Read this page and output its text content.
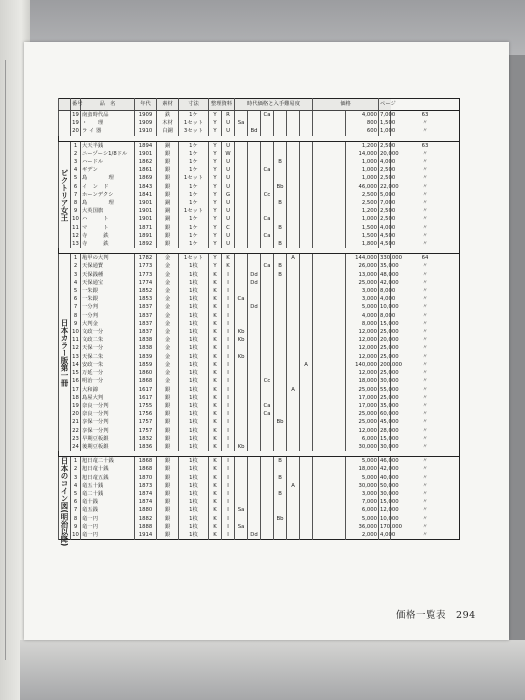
	番号	品　名	年代	素材	寸法	整理資料		時代価格と入手難易度						価格		ページ	
	19	南蛮時代品	1909	鉄	1ケ	Y	R			Ca					4,000	7,000	63
	19	・　　理	1909	木材	1セット	Y	U	Sa							800	1,500	〃
	20	ラ イ 器	1910	白銅	3セット	Y	U		Bd						600	1,000	〃

ピクトリア女王	1	大天半銭	1894	銅	1ケ	Y	U								1,200	2,500	63
	2	ニーヅーシ1/8ドル	1901	銀	1ケ	Y	W								14,000	20,000	〃
	3	ハードル	1862	銀	1ケ	Y	U				B				1,000	4,000	〃
	4	ギデン	1861	銀	1ケ	Y	U			Ca					1,000	2,500	〃
	5	島　　　　理	1869	銀	1セット	Y	U								1,000	2,500	〃
	6	イ　ン　ド	1843	銀	1ケ	Y	U				Bb				46,000	22,000	〃
	7	ホーンデクシ	1841	銀	1ケ	Y	G			Cc					2,500	5,000	〃
	8	島　　　　理	1901	銅	1ケ	Y	U				B				2,500	7,000	〃
	9	大英国旗	1901	銅	1セット	Y	U								1,200	2,500	〃
	10	ハ　　　ト	1901	銅	1ケ	Y	U			Ca					1,000	2,500	〃
	11	マ　　　ト	1871	銀	1ケ	Y	C				B				1,500	4,000	〃
	12	寺　　　鉄	1891	銀	1ケ	Y	U			Ca					1,500	4,500	〃
	13	寺　　　鉄	1892	銀	1ケ	Y	U				B				1,800	4,500	〃

日本カラー版第一冊	1	亀甲の大判	1782	金	1セット	Y	K					A			144,000	330,000	64
	2	天保通寳	1773	金	1枚	Y	K			Ca	B				26,000	35,000	〃
	3	天保銭種	1773	金	1枚	K	I		Dd		B				13,000	48,000	〃
	4	天保通宝	1774	金	1枚	K	I		Dd						25,000	42,000	〃
	5	一朱銀	1852	金	1枚	K	I								3,000	8,000	〃
	6	一朱銀	1853	金	1枚	K	I	Ca							3,000	4,000	〃
	7	一分判	1837	金	1枚	K	I		Dd						5,000	10,000	〃
	8	一分判	1837	金	1枚	K	I								4,000	8,000	〃
	9	大判金	1837	金	1枚	K	I								8,000	15,000	〃
	10	文政一分	1837	金	1枚	K	I	Kb							12,000	25,000	〃
	11	文政二朱	1838	金	1枚	K	I	Kb							12,000	20,000	〃
	12	天保一分	1838	金	1枚	K	I								12,000	25,000	〃
	13	天保二朱	1839	金	1枚	K	I	Kb							12,000	25,000	〃
	14	安政一朱	1859	金	1枚	K	I						A		140,000	200,000	〃
	15	万延一分	1860	金	1枚	K	I								12,000	25,000	〃
	16	明治一分	1868	金	1枚	K	I			Cc					18,000	30,000	〃
	17	大和錦	1617	銀	1枚	K	I					A			25,000	55,000	〃
	18	島屋大判	1617	銀	1枚	K	I								17,000	25,000	〃
	19	奈良一分判	1755	銀	1枚	K	I			Ca					17,000	35,000	〃
	20	奈良一分判	1756	銀	1枚	K	I			Ca					25,000	60,000	〃
	21	享保一分判	1757	銀	1枚	K	I				Bb				25,000	45,000	〃
	22	享保一分判	1757	銀	1枚	K	I								12,000	28,000	〃
	23	早期豆板銀	1832	銀	1枚	K	I								6,000	15,000	〃
	24	後期豆板銀	1836	銀	1枚	K	I	Kb							30,000	30,000	〃

日本のコイン図(明治以降)	1	旭日竜二十銭	1868	銀	1枚	K	I				B				5,000	46,000	〃
	2	旭日竜十銭	1868	銀	1枚	K	I								18,000	42,000	〃
	3	旭日竜五銭	1870	銀	1枚	K	I				B				5,000	40,000	〃
	4	竜五十銭	1873	銀	1枚	K	I					A			30,000	50,000	〃
	5	竜二十銭	1874	銀	1枚	K	I				B				3,000	30,000	〃
	6	竜十銭	1874	銀	1枚	K	I								7,000	15,000	〃
	7	竜五銭	1880	銀	1枚	K	I	Sa							6,000	12,000	〃
	8	竜一円	1882	銀	1枚	K	I				Bb				5,000	10,000	〃
	9	竜一円	1888	銀	1枚	K	I	Sa							36,000	170,000	〃
	10	竜一円	1914	銀	1枚	K	I		Dd						2,000	4,000	〃
価格一覧表　 294
